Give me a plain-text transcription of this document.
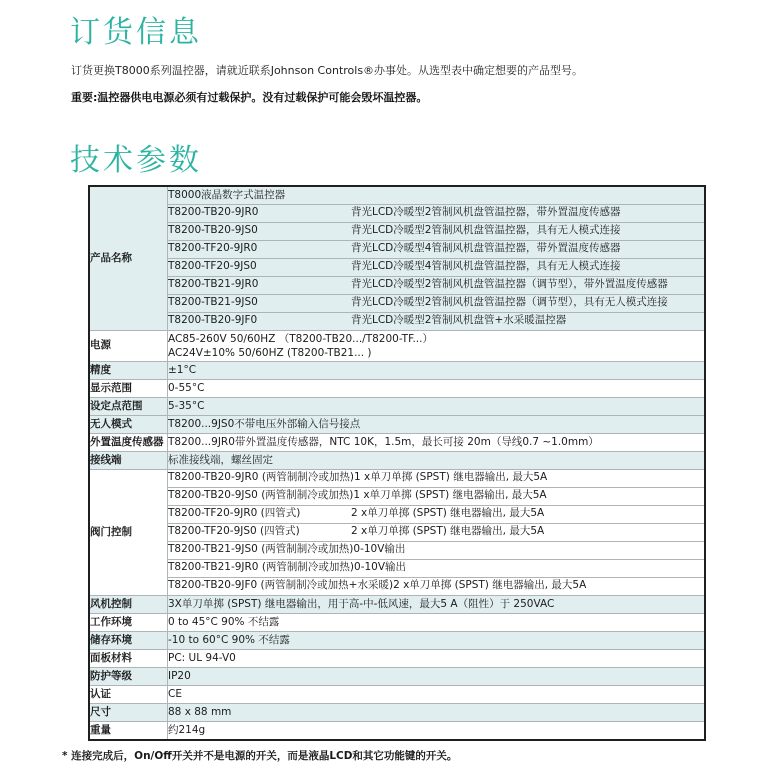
订货信息

订货更换T8000系列温控器，请就近联系Johnson Controls®办事处。从选型表中确定想要的产品型号。

重要:温控器供电电源必须有过载保护。没有过载保护可能会毁坏温控器。

技术参数
产品名称	T8000液晶数字式温控器
	T8200-TB20-9JR0 背光LCD冷暖型2管制风机盘管温控器，带外置温度传感器
	T8200-TB20-9JS0 背光LCD冷暖型2管制风机盘管温控器，具有无人模式连接
	T8200-TF20-9JR0 背光LCD冷暖型4管制风机盘管温控器，带外置温度传感器
	T8200-TF20-9JS0 背光LCD冷暖型4管制风机盘管温控器，具有无人模式连接
	T8200-TB21-9JR0 背光LCD冷暖型2管制风机盘管温控器（调节型），带外置温度传感器
	T8200-TB21-9JS0 背光LCD冷暖型2管制风机盘管温控器（调节型），具有无人模式连接
	T8200-TB20-9JF0 背光LCD冷暖型2管制风机盘管+水采暖温控器
电源	AC85-260V 50/60HZ （T8200-TB20.../T8200-TF...）
AC24V±10% 50/60HZ (T8200-TB21... )

精度	±1°C
显示范围	0-55°C
设定点范围	5-35°C
无人模式	T8200...9JS0不带电压外部输入信号接点
外置温度传感器	T8200...9JR0带外置温度传感器，NTC 10K，1.5m，最长可接 20m（导线0.7 ~1.0mm）
接线端	标准接线端，螺丝固定
阀门控制	T8200-TB20-9JR0 (两管制制冷或加热)1 x单刀单掷 (SPST) 继电器输出, 最大5A
	T8200-TB20-9JS0 (两管制制冷或加热)1 x单刀单掷 (SPST) 继电器输出, 最大5A
	T8200-TF20-9JR0 (四管式) 2 x单刀单掷 (SPST) 继电器输出, 最大5A
	T8200-TF20-9JS0 (四管式) 2 x单刀单掷 (SPST) 继电器输出, 最大5A
	T8200-TB21-9JS0 (两管制制冷或加热)0-10V输出
	T8200-TB21-9JR0 (两管制制冷或加热)0-10V输出
	T8200-TB20-9JF0 (两管制制冷或加热+水采暖)2 x单刀单掷 (SPST) 继电器输出, 最大5A
风机控制	3X单刀单掷 (SPST) 继电器输出，用于高-中-低风速，最大5 A（阻性）于 250VAC
工作环境	0 to 45°C 90% 不结露
储存环境	-10 to 60°C 90% 不结露
面板材料	PC: UL 94-V0
防护等级	IP20
认证	CE
尺寸	88 x 88 mm
重量	约214g

* 连接完成后，On/Off开关并不是电源的开关，而是液晶LCD和其它功能键的开关。
